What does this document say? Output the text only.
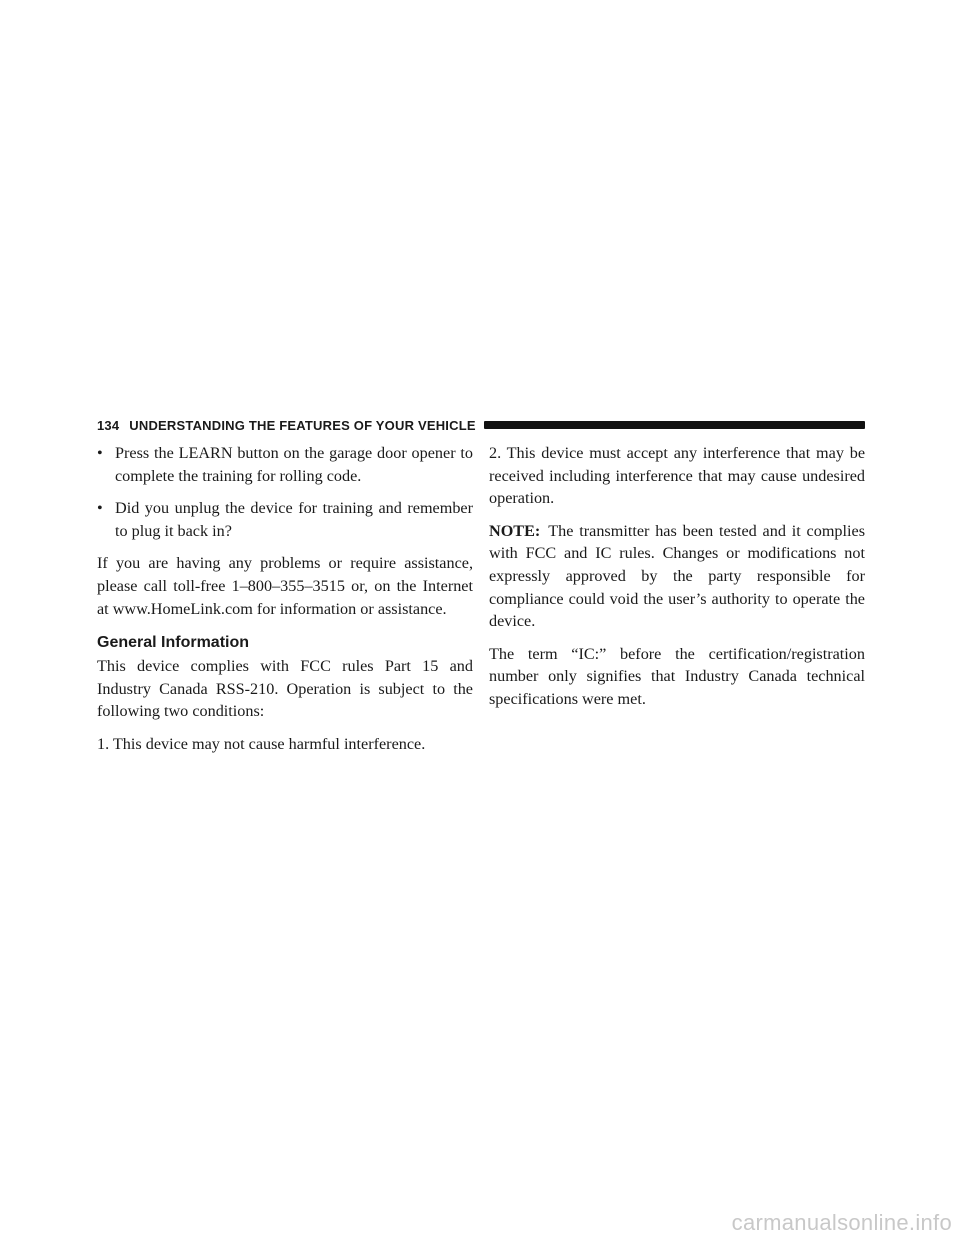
134 UNDERSTANDING THE FEATURES OF YOUR VEHICLE
• Press the LEARN button on the garage door opener to complete the training for rolling code.
• Did you unplug the device for training and remember to plug it back in?

If you are having any problems or require assistance, please call toll-free 1–800–355–3515 or, on the Internet at www.HomeLink.com for information or assistance.

General Information

This device complies with FCC rules Part 15 and Industry Canada RSS-210. Operation is subject to the following two conditions:

1. This device may not cause harmful interference.

2. This device must accept any interference that may be received including interference that may cause undesired operation.

NOTE: The transmitter has been tested and it complies with FCC and IC rules. Changes or modifications not expressly approved by the party responsible for compliance could void the user’s authority to operate the device.

The term “IC:” before the certification/registration number only signifies that Industry Canada technical specifications were met.

carmanualsonline.info
